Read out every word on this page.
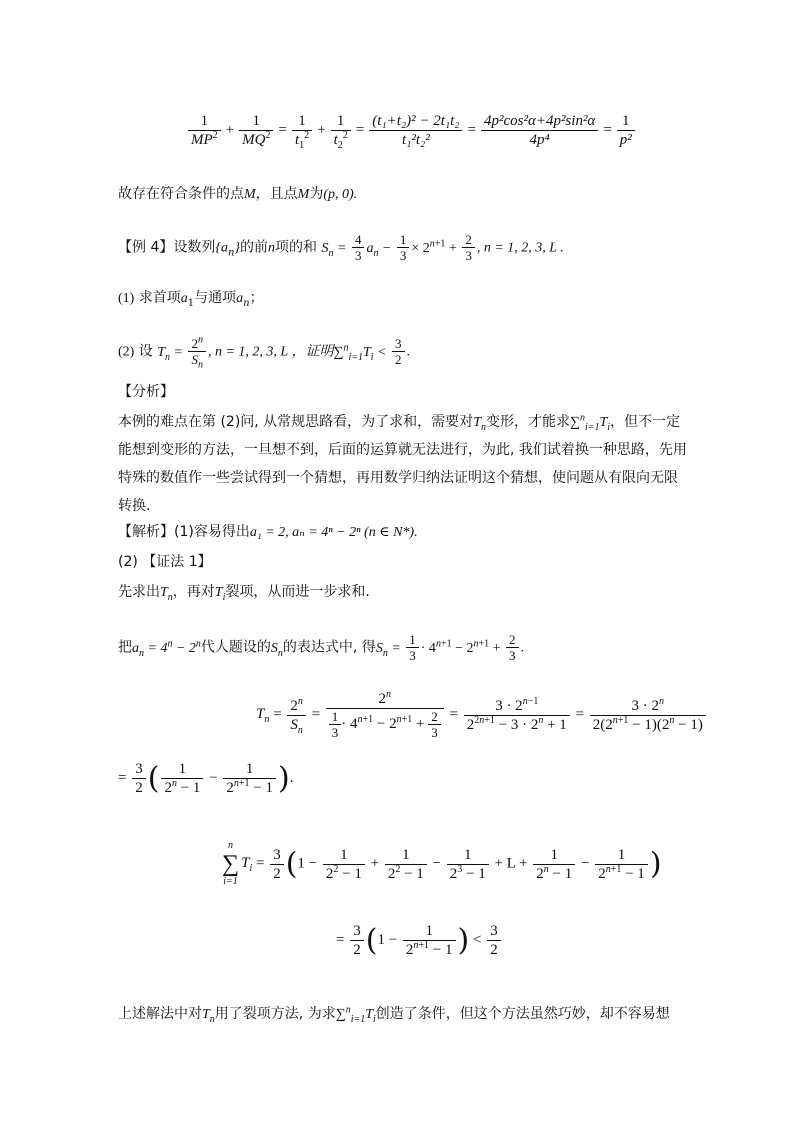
$\frac{1}{MP^2} + \frac{1}{MQ^2} = \frac{1}{t_1^2} + \frac{1}{t_2^2} = \frac{\text{(t₁+t₂)² − 2t₁t₂}}{\text{t₁²t₂²}} = \frac{\text{4p²cos²α+4p²sin²α}}{\text{4p⁴}} = \frac{1}{\text{p²}}$
故存在符合条件的点M，且点M为(p, 0).
【例 4】设数列$\{a_n\}$的前n项的和 $S_n = \frac{4}{3} a_n - \frac{1}{3} \times 2^{n+1} + \frac{2}{3}$ , n = 1, 2, 3, L .
(1) 求首项$a_1$与通项$a_n$；
(2) 设 $T_n = \frac{2^n}{S_n}$ , n = 1, 2, 3, L ，证明$\sum^n_{i=1}T_i < \frac{3}{2}$ .
【分析】
本例的难点在第 (2)问, 从常规思路看，为了求和，需要对$T_n$变形，才能求$\sum^n_{i=1}T_i$，但不一定
能想到变形的方法，一旦想不到，后面的运算就无法进行，为此, 我们试着换一种思路，先用
特殊的数值作一些尝试得到一个猜想，再用数学归纳法证明这个猜想，使问题从有限向无限
转换.
【解析】(1)容易得出a₁ = 2, aₙ = 4ⁿ − 2ⁿ (n ∈ N*).
(2) 【证法 1】
先求出$T_n$，再对$T_i$裂项，从而进一步求和.
把$a_n = 4^n - 2^n$代人题设的$S_n$的表达式中, 得$S_n = \frac{1}{3} \cdot 4^{n+1} - 2^{n+1} + \frac{2}{3}$ .
$T_n = \frac{2^n}{S_n} = \frac{2^n}{\frac{1}{3} \cdot 4^{n+1} - 2^{n+1} + \frac{2}{3}} = \frac{3 \cdot 2^{n-1}}{2^{2n+1} - 3 \cdot 2^n + 1} = \frac{3 \cdot 2^n}{2(2^{n+1} - 1)(2^n - 1)}$
= $\frac{3}{2}$ ( $\frac{1}{2^n - 1} - \frac{1}{2^{n+1} - 1}$ ).
n
∑
i=1
$T_i = \frac{3}{2} (1 - \frac{1}{2^2 - 1} + \frac{1}{2^2 - 1} - \frac{1}{2^3 - 1} + L + \frac{1}{2^n - 1} - \frac{1}{2^{n+1} - 1}$ )
= $\frac{3}{2} (1 - \frac{1}{2^{n+1} - 1}$ ) < $\frac{3}{2}$
上述解法中对$T_n$用了裂项方法, 为求$\sum^n_{i=1}T_i$创造了条件，但这个方法虽然巧妙，却不容易想
